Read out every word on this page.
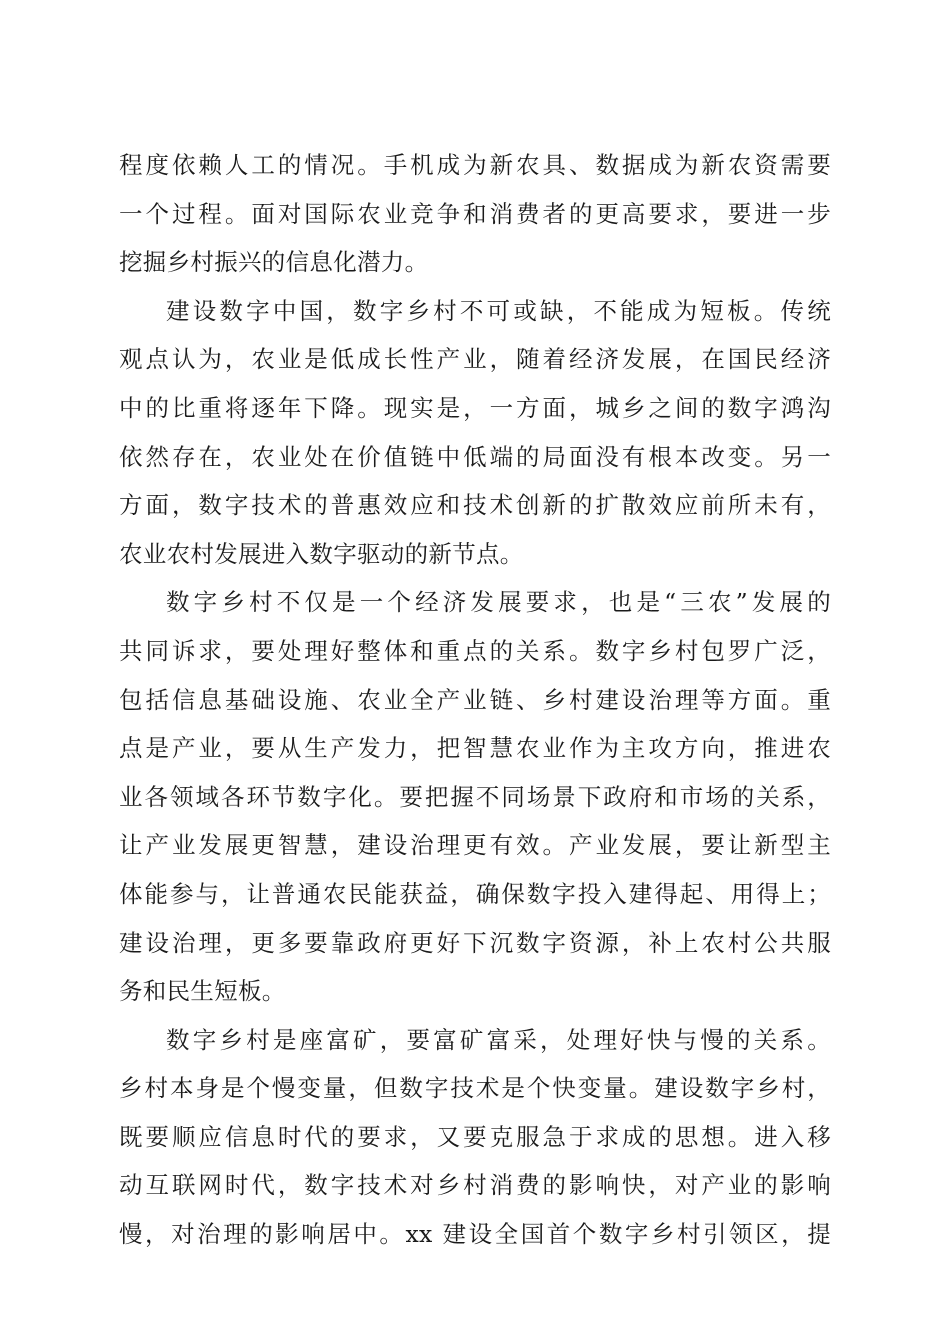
程度依赖人工的情况。手机成为新农具、数据成为新农资需要
一个过程。面对国际农业竞争和消费者的更高要求，要进一步
挖掘乡村振兴的信息化潜力。
建设数字中国，数字乡村不可或缺，不能成为短板。传统
观点认为，农业是低成长性产业，随着经济发展，在国民经济
中的比重将逐年下降。现实是，一方面，城乡之间的数字鸿沟
依然存在，农业处在价值链中低端的局面没有根本改变。另一
方面，数字技术的普惠效应和技术创新的扩散效应前所未有，
农业农村发展进入数字驱动的新节点。
数字乡村不仅是一个经济发展要求，也是“三农”发展的
共同诉求，要处理好整体和重点的关系。数字乡村包罗广泛，
包括信息基础设施、农业全产业链、乡村建设治理等方面。重
点是产业，要从生产发力，把智慧农业作为主攻方向，推进农
业各领域各环节数字化。要把握不同场景下政府和市场的关系，
让产业发展更智慧，建设治理更有效。产业发展，要让新型主
体能参与，让普通农民能获益，确保数字投入建得起、用得上；
建设治理，更多要靠政府更好下沉数字资源，补上农村公共服
务和民生短板。
数字乡村是座富矿，要富矿富采，处理好快与慢的关系。
乡村本身是个慢变量，但数字技术是个快变量。建设数字乡村，
既要顺应信息时代的要求，又要克服急于求成的思想。进入移
动互联网时代，数字技术对乡村消费的影响快，对产业的影响
慢，对治理的影响居中。xx 建设全国首个数字乡村引领区，提
